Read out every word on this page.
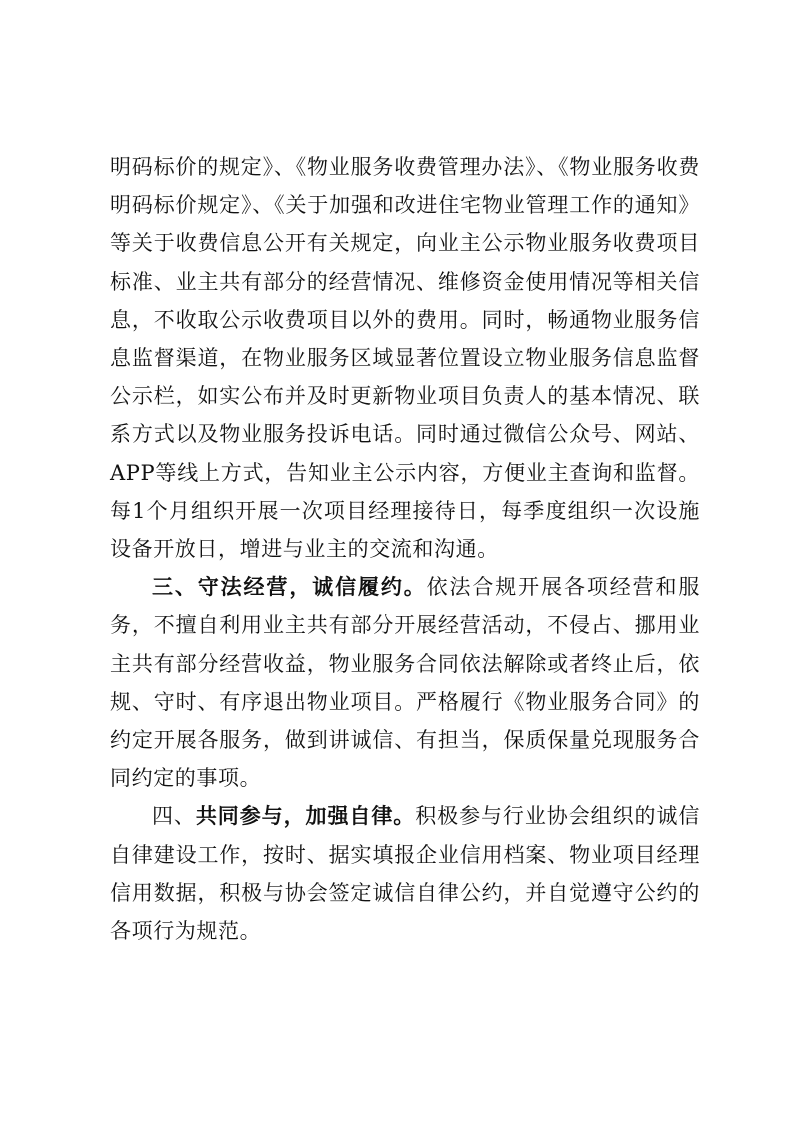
明码标价的规定》、《物业服务收费管理办法》、《物业服务收费明码标价规定》、《关于加强和改进住宅物业管理工作的通知》等关于收费信息公开有关规定，向业主公示物业服务收费项目标准、业主共有部分的经营情况、维修资金使用情况等相关信息，不收取公示收费项目以外的费用。同时，畅通物业服务信息监督渠道，在物业服务区域显著位置设立物业服务信息监督公示栏，如实公布并及时更新物业项目负责人的基本情况、联系方式以及物业服务投诉电话。同时通过微信公众号、网站、APP等线上方式，告知业主公示内容，方便业主查询和监督。每1个月组织开展一次项目经理接待日，每季度组织一次设施设备开放日，增进与业主的交流和沟通。

三、守法经营，诚信履约。依法合规开展各项经营和服务，不擅自利用业主共有部分开展经营活动，不侵占、挪用业主共有部分经营收益，物业服务合同依法解除或者终止后，依规、守时、有序退出物业项目。严格履行《物业服务合同》的约定开展各服务，做到讲诚信、有担当，保质保量兑现服务合同约定的事项。

四、共同参与，加强自律。积极参与行业协会组织的诚信自律建设工作，按时、据实填报企业信用档案、物业项目经理信用数据，积极与协会签定诚信自律公约，并自觉遵守公约的各项行为规范。
